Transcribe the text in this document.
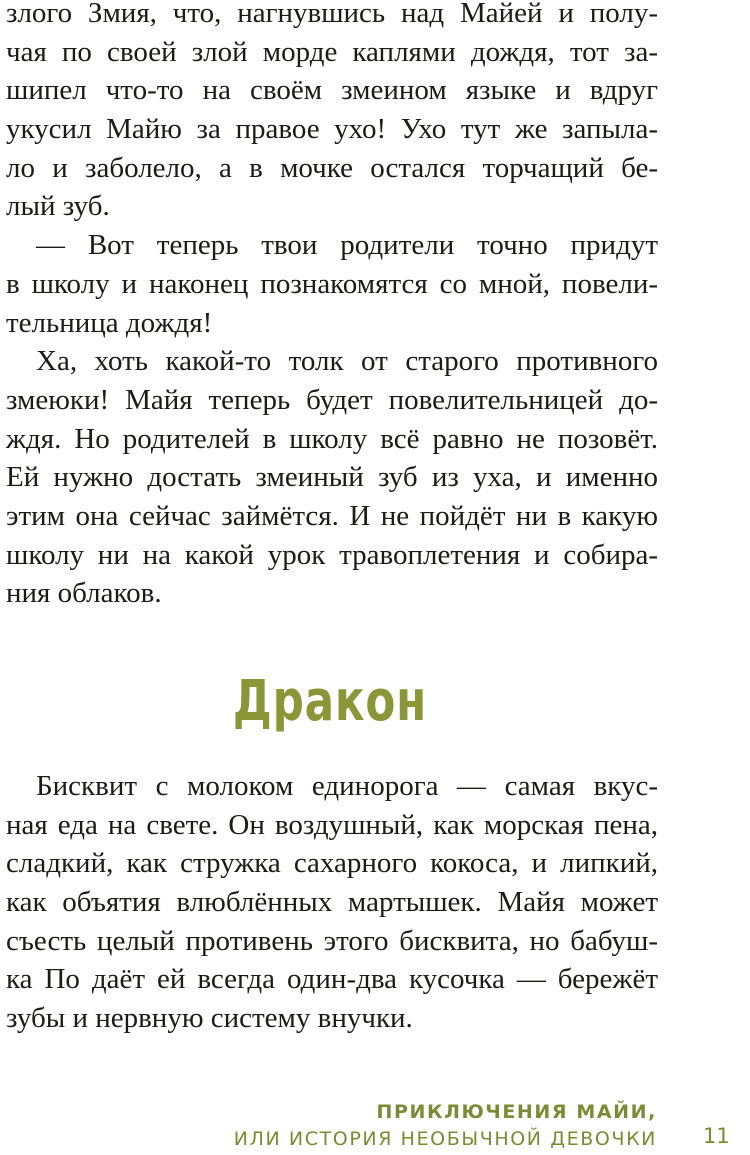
злого Змия, что, нагнувшись над Майей и полу-
чая по своей злой морде каплями дождя, тот за-
шипел что-то на своём змеином языке и вдруг
укусил Майю за правое ухо! Ухо тут же запыла-
ло и заболело, а в мочке остался торчащий бе-
лый зуб.
— Вот теперь твои родители точно придут
в школу и наконец познакомятся со мной, повели-
тельница дождя!
Ха, хоть какой-то толк от старого противного
змеюки! Майя теперь будет повелительницей до-
ждя. Но родителей в школу всё равно не позовёт.
Ей нужно достать змеиный зуб из уха, и именно
этим она сейчас займётся. И не пойдёт ни в какую
школу ни на какой урок травоплетения и собира-
ния облаков.
Дракон
Бисквит с молоком единорога — самая вкус-
ная еда на свете. Он воздушный, как морская пена,
сладкий, как стружка сахарного кокоса, и липкий,
как объятия влюблённых мартышек. Майя может
съесть целый противень этого бисквита, но бабуш-
ка По даёт ей всегда один-два кусочка — бережёт
зубы и нервную систему внучки.
ПРИКЛЮЧЕНИЯ МАЙИ,
ИЛИ ИСТОРИЯ НЕОБЫЧНОЙ ДЕВОЧКИ 11
